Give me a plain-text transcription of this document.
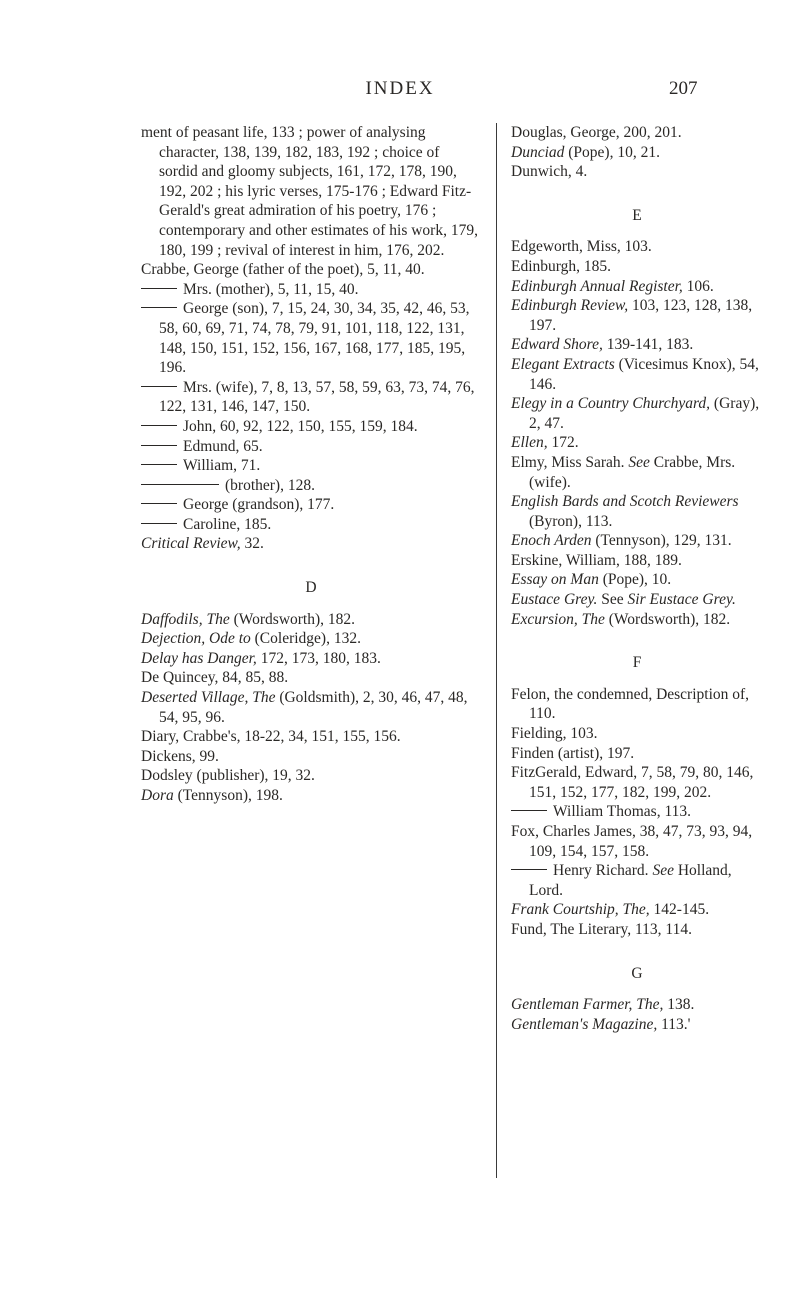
INDEX	207
ment of peasant life, 133 ; power of analysing character, 138, 139, 182, 183, 192 ; choice of sordid and gloomy subjects, 161, 172, 178, 190, 192, 202 ; his lyric verses, 175-176 ; Edward Fitz-Gerald's great admiration of his poetry, 176 ; contemporary and other estimates of his work, 179, 180, 199 ; revival of interest in him, 176, 202.
Crabbe, George (father of the poet), 5, 11, 40.
Mrs. (mother), 5, 11, 15, 40.
George (son), 7, 15, 24, 30, 34, 35, 42, 46, 53, 58, 60, 69, 71, 74, 78, 79, 91, 101, 118, 122, 131, 148, 150, 151, 152, 156, 167, 168, 177, 185, 195, 196.
Mrs. (wife), 7, 8, 13, 57, 58, 59, 63, 73, 74, 76, 122, 131, 146, 147, 150.
John, 60, 92, 122, 150, 155, 159, 184.
Edmund, 65.
William, 71.
(brother), 128.
George (grandson), 177.
Caroline, 185.
Critical Review, 32.
D
Daffodils, The (Wordsworth), 182.
Dejection, Ode to (Coleridge), 132.
Delay has Danger, 172, 173, 180, 183.
De Quincey, 84, 85, 88.
Deserted Village, The (Goldsmith), 2, 30, 46, 47, 48, 54, 95, 96.
Diary, Crabbe's, 18-22, 34, 151, 155, 156.
Dickens, 99.
Dodsley (publisher), 19, 32.
Dora (Tennyson), 198.
Douglas, George, 200, 201.
Dunciad (Pope), 10, 21.
Dunwich, 4.
E
Edgeworth, Miss, 103.
Edinburgh, 185.
Edinburgh Annual Register, 106.
Edinburgh Review, 103, 123, 128, 138, 197.
Edward Shore, 139-141, 183.
Elegant Extracts (Vicesimus Knox), 54, 146.
Elegy in a Country Churchyard, (Gray), 2, 47.
Ellen, 172.
Elmy, Miss Sarah. See Crabbe, Mrs. (wife).
English Bards and Scotch Reviewers (Byron), 113.
Enoch Arden (Tennyson), 129, 131.
Erskine, William, 188, 189.
Essay on Man (Pope), 10.
Eustace Grey. See Sir Eustace Grey.
Excursion, The (Wordsworth), 182.
F
Felon, the condemned, Description of, 110.
Fielding, 103.
Finden (artist), 197.
FitzGerald, Edward, 7, 58, 79, 80, 146, 151, 152, 177, 182, 199, 202.
William Thomas, 113.
Fox, Charles James, 38, 47, 73, 93, 94, 109, 154, 157, 158.
Henry Richard. See Holland, Lord.
Frank Courtship, The, 142-145.
Fund, The Literary, 113, 114.
G
Gentleman Farmer, The, 138.
Gentleman's Magazine, 113.'
